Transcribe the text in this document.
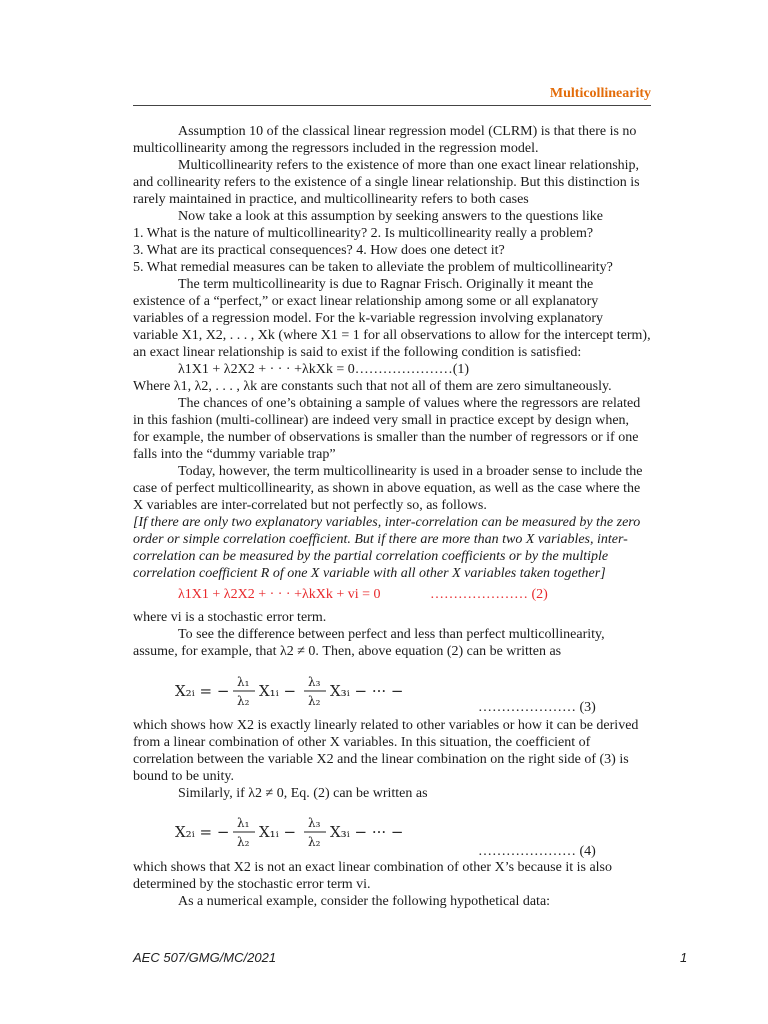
Multicollinearity
Assumption 10 of the classical linear regression model (CLRM) is that there is no
multicollinearity among the regressors included in the regression model.
Multicollinearity refers to the existence of more than one exact linear relationship,
and collinearity refers to the existence of a single linear relationship. But this distinction is
rarely maintained in practice, and multicollinearity refers to both cases
Now take a look at this assumption by seeking answers to the questions like
1. What is the nature of multicollinearity? 2. Is multicollinearity really a problem?
3. What are its practical consequences? 4. How does one detect it?
5. What remedial measures can be taken to alleviate the problem of multicollinearity?
The term multicollinearity is due to Ragnar Frisch. Originally it meant the
existence of a “perfect,” or exact linear relationship among some or all explanatory
variables of a regression model. For the k-variable regression involving explanatory
variable X1, X2, . . . , Xk (where X1 = 1 for all observations to allow for the intercept term),
an exact linear relationship is said to exist if the following condition is satisfied:
λ1X1 + λ2X2 + · · · +λkXk = 0…………………(1)
Where λ1, λ2, . . . , λk are constants such that not all of them are zero simultaneously.
The chances of one’s obtaining a sample of values where the regressors are related
in this fashion (multi-collinear) are indeed very small in practice except by design when,
for example, the number of observations is smaller than the number of regressors or if one
falls into the “dummy variable trap”
Today, however, the term multicollinearity is used in a broader sense to include the
case of perfect multicollinearity, as shown in above equation, as well as the case where the
X variables are inter-correlated but not perfectly so, as follows.
[If there are only two explanatory variables, inter-correlation can be measured by the zero
order or simple correlation coefficient. But if there are more than two X variables, inter-
correlation can be measured by the partial correlation coefficients or by the multiple
correlation coefficient R of one X variable with all other X variables taken together]
λ1X1 + λ2X2 + · · · +λkXk + vi = 0	………………… (2)
where vi is a stochastic error term.
To see the difference between perfect and less than perfect multicollinearity,
assume, for example, that λ2 ≠ 0. Then, above equation (2) can be written as
X₂ᵢ = − λ₁
λ₂
X₁ᵢ − λ₃
λ₂
X₃ᵢ − ··· −
………………… (3)
which shows how X2 is exactly linearly related to other variables or how it can be derived
from a linear combination of other X variables. In this situation, the coefficient of
correlation between the variable X2 and the linear combination on the right side of (3) is
bound to be unity.
Similarly, if λ2 ≠ 0, Eq. (2) can be written as
X₂ᵢ = − λ₁
λ₂
X₁ᵢ − λ₃
λ₂
X₃ᵢ − ··· −
………………… (4)
which shows that X2 is not an exact linear combination of other X’s because it is also
determined by the stochastic error term vi.
As a numerical example, consider the following hypothetical data:
AEC 507/GMG/MC/2021	1
